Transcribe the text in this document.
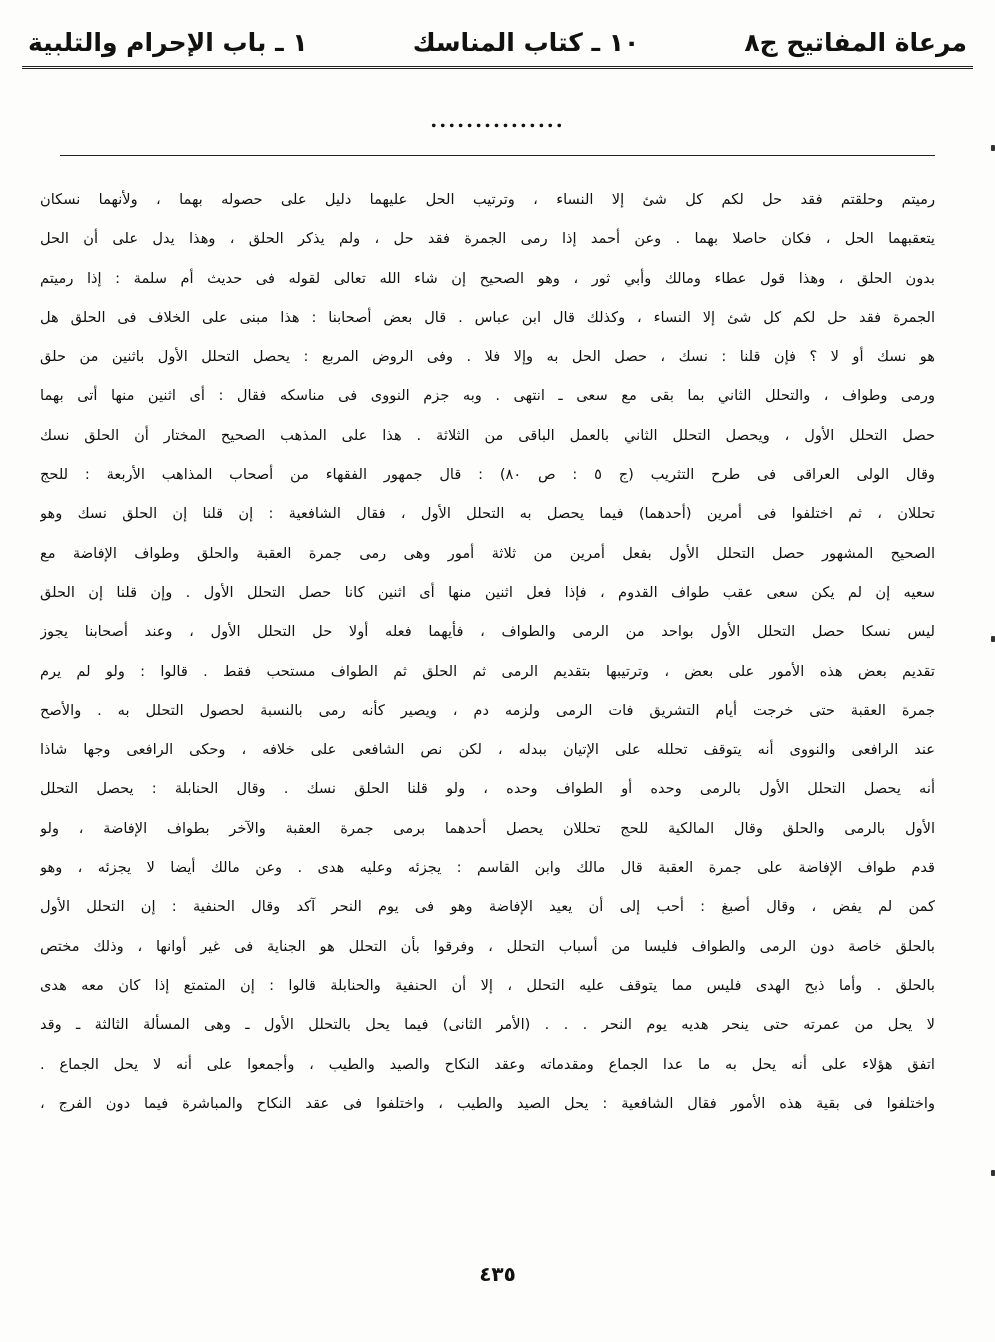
مرعاة المفاتيح ج٨
١٠ ـ كتاب المناسك
١ ـ باب الإحرام والتلبية
...............
رميتم وحلقتم فقد حل لكم كل شئ إلا النساء ، وترتيب الحل عليهما دليل على حصوله بهما ، ولأنهما نسكان
يتعقبهما الحل ، فكان حاصلا بهما . وعن أحمد إذا رمى الجمرة فقد حل ، ولم يذكر الحلق ، وهذا يدل على أن الحل
بدون الحلق ، وهذا قول عطاء ومالك وأبي ثور ، وهو الصحيح إن شاء الله تعالى لقوله فى حديث أم سلمة : إذا رميتم
الجمرة فقد حل لكم كل شئ إلا النساء ، وكذلك قال ابن عباس . قال بعض أصحابنا : هذا مبنى على الخلاف فى الحلق هل
هو نسك أو لا ؟ فإن قلنا : نسك ، حصل الحل به وإلا فلا . وفى الروض المربع : يحصل التحلل الأول باثنين من حلق
ورمى وطواف ، والتحلل الثاني بما بقى مع سعى ـ انتهى . وبه جزم النووى فى مناسكه فقال : أى اثنين منها أتى بهما
حصل التحلل الأول ، ويحصل التحلل الثاني بالعمل الباقى من الثلاثة . هذا على المذهب الصحيح المختار أن الحلق نسك
وقال الولى العراقى فى طرح التثريب (ج ٥ : ص ٨٠) : قال جمهور الفقهاء من أصحاب المذاهب الأربعة : للحج
تحللان ، ثم اختلفوا فى أمرين (أحدهما) فيما يحصل به التحلل الأول ، فقال الشافعية : إن قلنا إن الحلق نسك وهو
الصحيح المشهور حصل التحلل الأول بفعل أمرين من ثلاثة أمور وهى رمى جمرة العقبة والحلق وطواف الإفاضة مع
سعيه إن لم يكن سعى عقب طواف القدوم ، فإذا فعل اثنين منها أى اثنين كانا حصل التحلل الأول . وإن قلنا إن الحلق
ليس نسكا حصل التحلل الأول بواحد من الرمى والطواف ، فأيهما فعله أولا حل التحلل الأول ، وعند أصحابنا يجوز
تقديم بعض هذه الأمور على بعض ، وترتيبها بتقديم الرمى ثم الحلق ثم الطواف مستحب فقط . قالوا : ولو لم يرم
جمرة العقبة حتى خرجت أيام التشريق فات الرمى ولزمه دم ، ويصير كأنه رمى بالنسبة لحصول التحلل به . والأصح
عند الرافعى والنووى أنه يتوقف تحلله على الإتيان ببدله ، لكن نص الشافعى على خلافه ، وحكى الرافعى وجها شاذا
أنه يحصل التحلل الأول بالرمى وحده أو الطواف وحده ، ولو قلنا الحلق نسك . وقال الحنابلة : يحصل التحلل
الأول بالرمى والحلق وقال المالكية للحج تحللان يحصل أحدهما برمى جمرة العقبة والآخر بطواف الإفاضة ، ولو
قدم طواف الإفاضة على جمرة العقبة قال مالك وابن القاسم : يجزئه وعليه هدى . وعن مالك أيضا لا يجزئه ، وهو
كمن لم يفض ، وقال أصبغ : أحب إلى أن يعيد الإفاضة وهو فى يوم النحر آكد وقال الحنفية : إن التحلل الأول
بالحلق خاصة دون الرمى والطواف فليسا من أسباب التحلل ، وفرقوا بأن التحلل هو الجناية فى غير أوانها ، وذلك مختص
بالحلق . وأما ذبح الهدى فليس مما يتوقف عليه التحلل ، إلا أن الحنفية والحنابلة قالوا : إن المتمتع إذا كان معه هدى
لا يحل من عمرته حتى ينحر هديه يوم النحر . . . (الأمر الثانى) فيما يحل بالتحلل الأول ـ وهى المسألة الثالثة ـ وقد
اتفق هؤلاء على أنه يحل به ما عدا الجماع ومقدماته وعقد النكاح والصيد والطيب ، وأجمعوا على أنه لا يحل الجماع .
واختلفوا فى بقية هذه الأمور فقال الشافعية : يحل الصيد والطيب ، واختلفوا فى عقد النكاح والمباشرة فيما دون الفرج ،
٤٣٥
